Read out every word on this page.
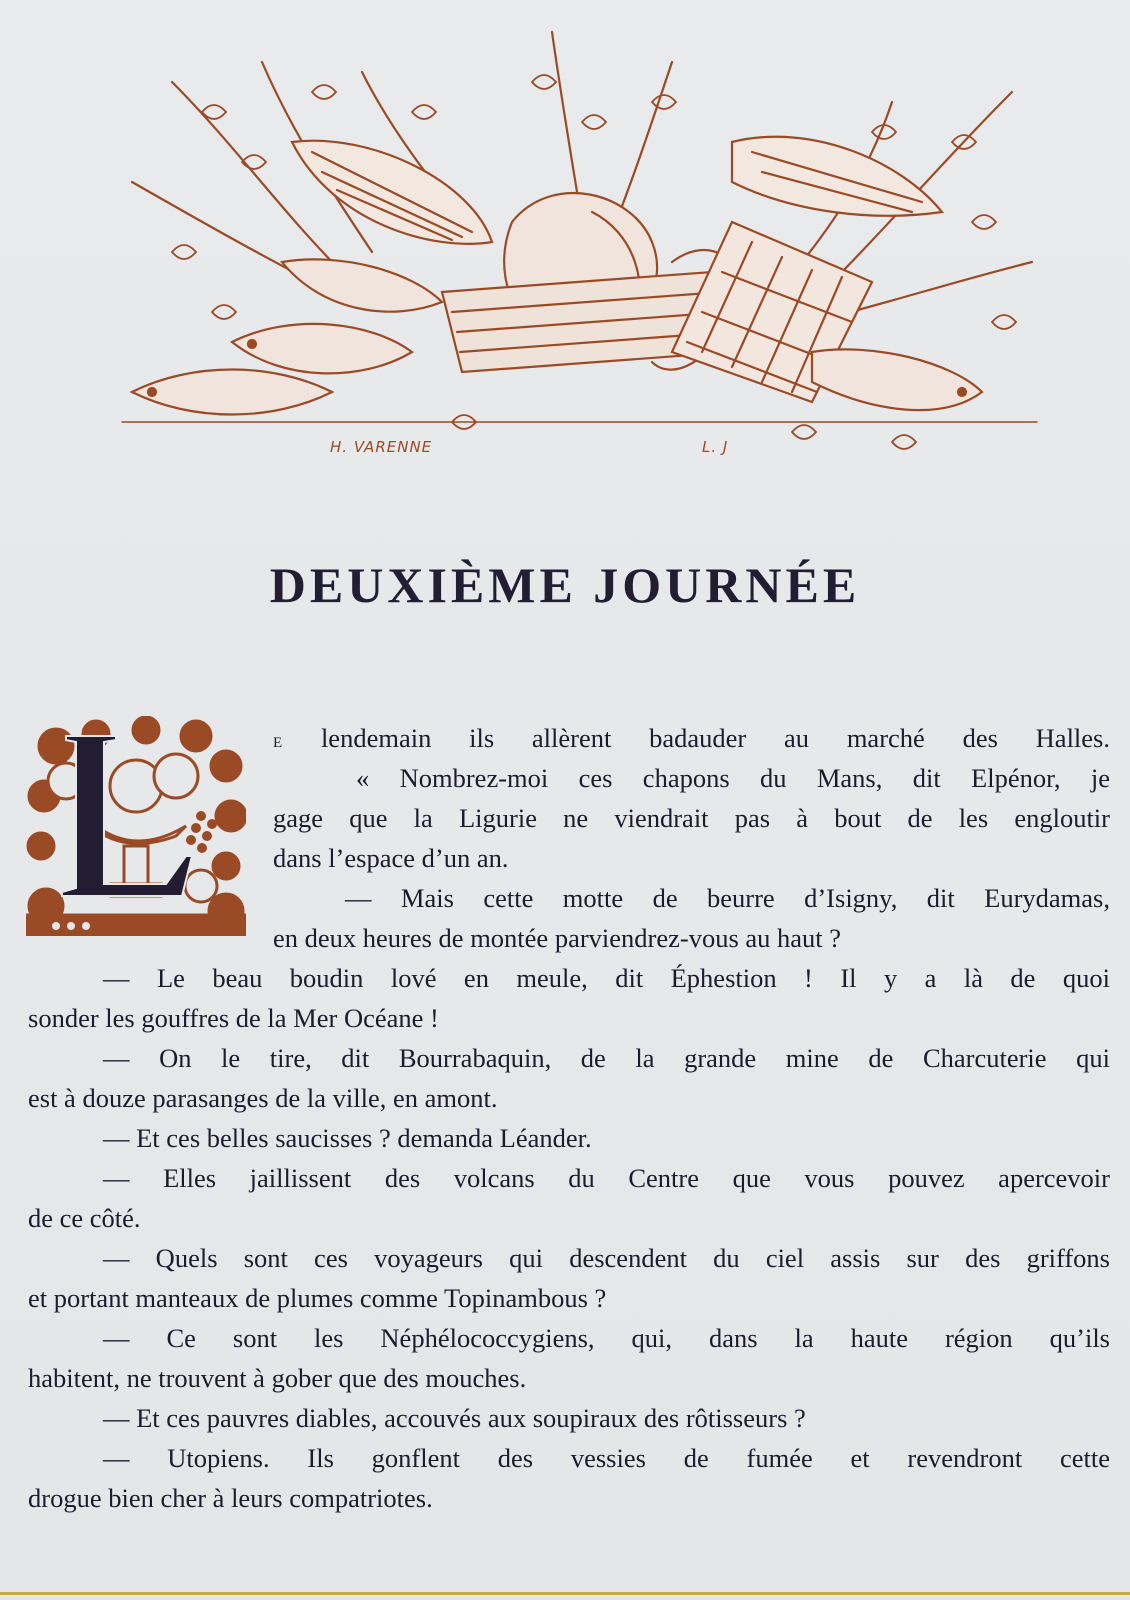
H. VARENNE	L. J
DEUXIÈME JOURNÉE
E lendemain ils allèrent badauder au marché des Halles.
« Nombrez-moi ces chapons du Mans, dit Elpénor, je
gage que la Ligurie ne viendrait pas à bout de les engloutir
dans l’espace d’un an.
— Mais cette motte de beurre d’Isigny, dit Eurydamas,
en deux heures de montée parviendrez-vous au haut ?
— Le beau boudin lové en meule, dit Éphestion ! Il y a là de quoi
sonder les gouffres de la Mer Océane !
— On le tire, dit Bourrabaquin, de la grande mine de Charcuterie qui
est à douze parasanges de la ville, en amont.
— Et ces belles saucisses ? demanda Léander.
— Elles jaillissent des volcans du Centre que vous pouvez apercevoir
de ce côté.
— Quels sont ces voyageurs qui descendent du ciel assis sur des griffons
et portant manteaux de plumes comme Topinambous ?
— Ce sont les Néphélococcygiens, qui, dans la haute région qu’ils
habitent, ne trouvent à gober que des mouches.
— Et ces pauvres diables, accouvés aux soupiraux des rôtisseurs ?
— Utopiens. Ils gonflent des vessies de fumée et revendront cette
drogue bien cher à leurs compatriotes.
